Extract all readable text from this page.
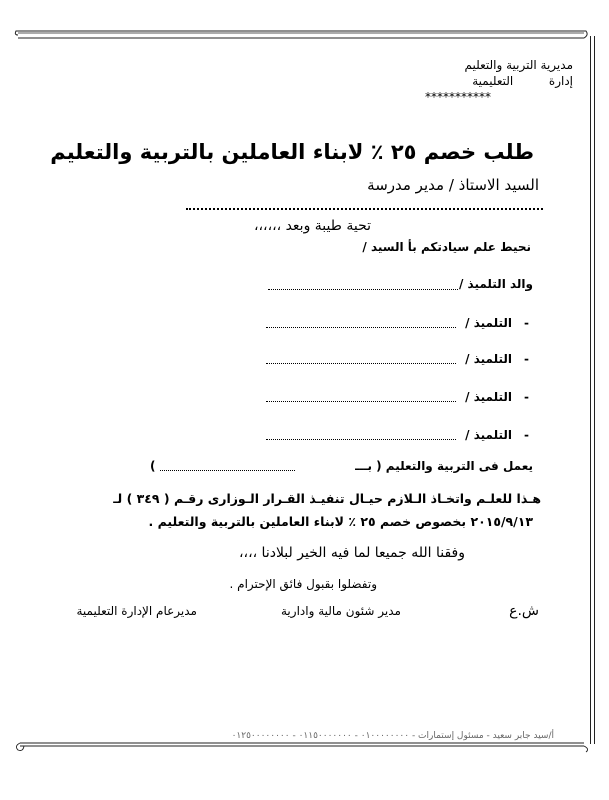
مديرية التربية والتعليم
إدارة  التعليمية
***********
طلب خصم ٢٥ ٪ لابناء العاملين بالتربية والتعليم
السيد الاستاذ / مدير مدرسة
تحية طيبة وبعد ،،،،،،
نحيط علم سيادتكم بأ السيد /
والد التلميذ /
-التلميذ /
-التلميذ /
-التلميذ /
-التلميذ /
يعمل فى التربية والتعليم ( بـــ
)
هـذا للعلـم واتخـاذ الـلازم حيـال تنفيـذ القـرار الـوزارى رقـم ( ٣٤٩ ) لـ
٢٠١٥/٩/١٣ بخصوص خصم ٢٥ ٪ لابناء العاملين بالتربية والتعليم .
وفقنا الله جميعا لما فيه الخير لبلادنا ،،،،
وتفضلوا بقبول فائق الإحترام .
ش.ع
مدير شئون مالية وادارية
مديرعام الإدارة التعليمية
أ/سيد جابر سعيد - مسئول إستمارات - ٠١٠٠٠٠٠٠٠٠ - ٠١١٥٠٠٠٠٠٠٠ - ٠١٢٥٠٠٠٠٠٠٠٠
